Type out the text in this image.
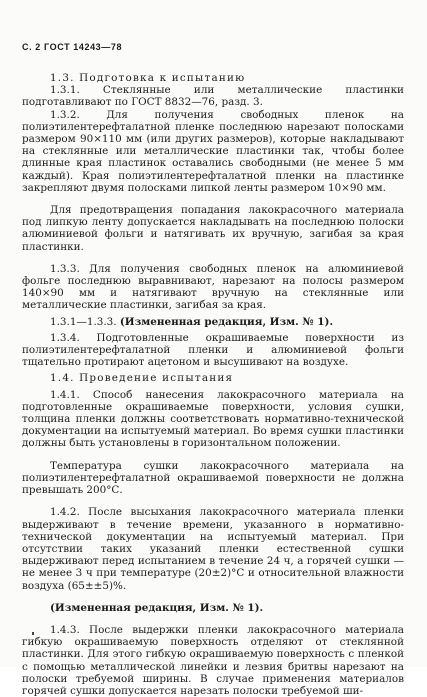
С. 2 ГОСТ 14243—78

1.3. Подготовка к испытанию

1.3.1. Стеклянные или металлические пластинки подготавливают по ГОСТ 8832—76, разд. 3.

1.3.2. Для получения свободных пленок на полиэтилентерефталатной пленке последнюю нарезают полосками размером 90×110 мм (или других размеров), которые накладывают на стеклянные или металлические пластинки так, чтобы более длинные края пластинок оставались свободными (не менее 5 мм каждый). Края полиэтилентерефталатной пленки на пластинке закрепляют двумя полосками липкой ленты размером 10×90 мм.

Для предотвращения попадания лакокрасочного материала под липкую ленту допускается накладывать на последнюю полоски алюминиевой фольги и натягивать их вручную, загибая за края пластинки.

1.3.3. Для получения свободных пленок на алюминиевой фольге последнюю выравнивают, нарезают на полосы размером 140×90 мм и натягивают вручную на стеклянные или металлические пластинки, загибая за края.

1.3.1—1.3.3. (Измененная редакция, Изм. № 1).

1.3.4. Подготовленные окрашиваемые поверхности из полиэтилентерефталатной пленки и алюминиевой фольги тщательно протирают ацетоном и высушивают на воздухе.

1.4. Проведение испытания

1.4.1. Способ нанесения лакокрасочного материала на подготовленные окрашиваемые поверхности, условия сушки, толщина пленки должны соответствовать нормативно-технической документации на испытуемый материал. Во время сушки пластинки должны быть установлены в горизонтальном положении.

Температура сушки лакокрасочного материала на полиэтилентерефталатной окрашиваемой поверхности не должна превышать 200°С.

1.4.2. После высыхания лакокрасочного материала пленки выдерживают в течение времени, указанного в нормативно-технической документации на испытуемый материал. При отсутствии таких указаний пленки естественной сушки выдерживают перед испытанием в течение 24 ч, а горячей сушки — не менее 3 ч при температуре (20±2)°С и относительной влажности воздуха (65±±5)%.

(Измененная редакция, Изм. № 1).

1.4.3. После выдержки пленки лакокрасочного материала гибкую окрашиваемую поверхность отделяют от стеклянной пластинки. Для этого гибкую окрашиваемую поверхность с пленкой с помощью металлической линейки и лезвия бритвы нарезают на полоски требуемой ширины. В случае применения материалов горячей сушки допускается нарезать полоски требуемой ши-
